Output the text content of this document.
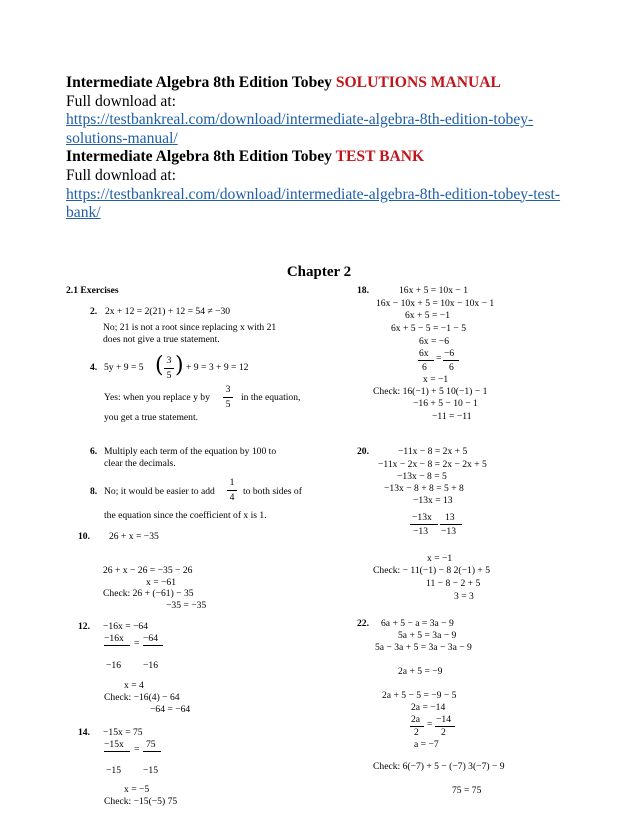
Intermediate Algebra 8th Edition Tobey SOLUTIONS MANUAL
Full download at:
https://testbankreal.com/download/intermediate-algebra-8th-edition-tobey-
solutions-manual/
Intermediate Algebra 8th Edition Tobey TEST BANK
Full download at:
https://testbankreal.com/download/intermediate-algebra-8th-edition-tobey-test-
bank/
Chapter 2
2.1 Exercises
2. 2x + 12 = 2(21) + 12 = 54 ≠ −30
No; 21 is not a root since replacing x with 21
does not give a true statement.
4. 5y + 9 = 5 ( 3
5 ) + 9 = 3 + 9 = 12
Yes: when you replace y by
3
5
in the equation,
you get a true statement.
6. Multiply each term of the equation by 100 to
clear the decimals.
8. No; it would be easier to add
1
4
to both sides of
the equation since the coefficient of x is 1.
10. 26 + x = −35
26 + x − 26 = −35 − 26
x = −61
Check: 26 + (−61) − 35
−35 = −35
12. −16x = −64
−16x = −64
−16 −16
x = 4
Check: −16(4) − 64
−64 = −64
14. −15x = 75
−15x = 75
−15 −15
x = −5
Check: −15(−5) 75
18.	16x + 5 = 10x − 1
16x − 10x + 5 = 10x − 10x − 1
6x + 5 = −1
6x + 5 − 5 = −1 − 5
6x = −6
6x = −6
6 6
x = −1
Check: 16(−1) + 5 10(−1) − 1
−16 + 5 − 10 − 1
−11 = −11
20.	−11x − 8 = 2x + 5
−11x − 2x − 8 = 2x − 2x + 5
−13x − 8 = 5
−13x − 8 + 8 = 5 + 8
−13x = 13
−13x 13
−13 −13
x = −1
Check: − 11(−1) − 8 2(−1) + 5
11 − 8 − 2 + 5
3 = 3
22. 6a + 5 − a = 3a − 9
5a + 5 = 3a − 9
5a − 3a + 5 = 3a − 3a − 9
2a + 5 = −9
2a + 5 − 5 = −9 − 5
2a = −14
2a = −14
2 2
a = −7
Check: 6(−7) + 5 − (−7) 3(−7) − 9
75 = 75
